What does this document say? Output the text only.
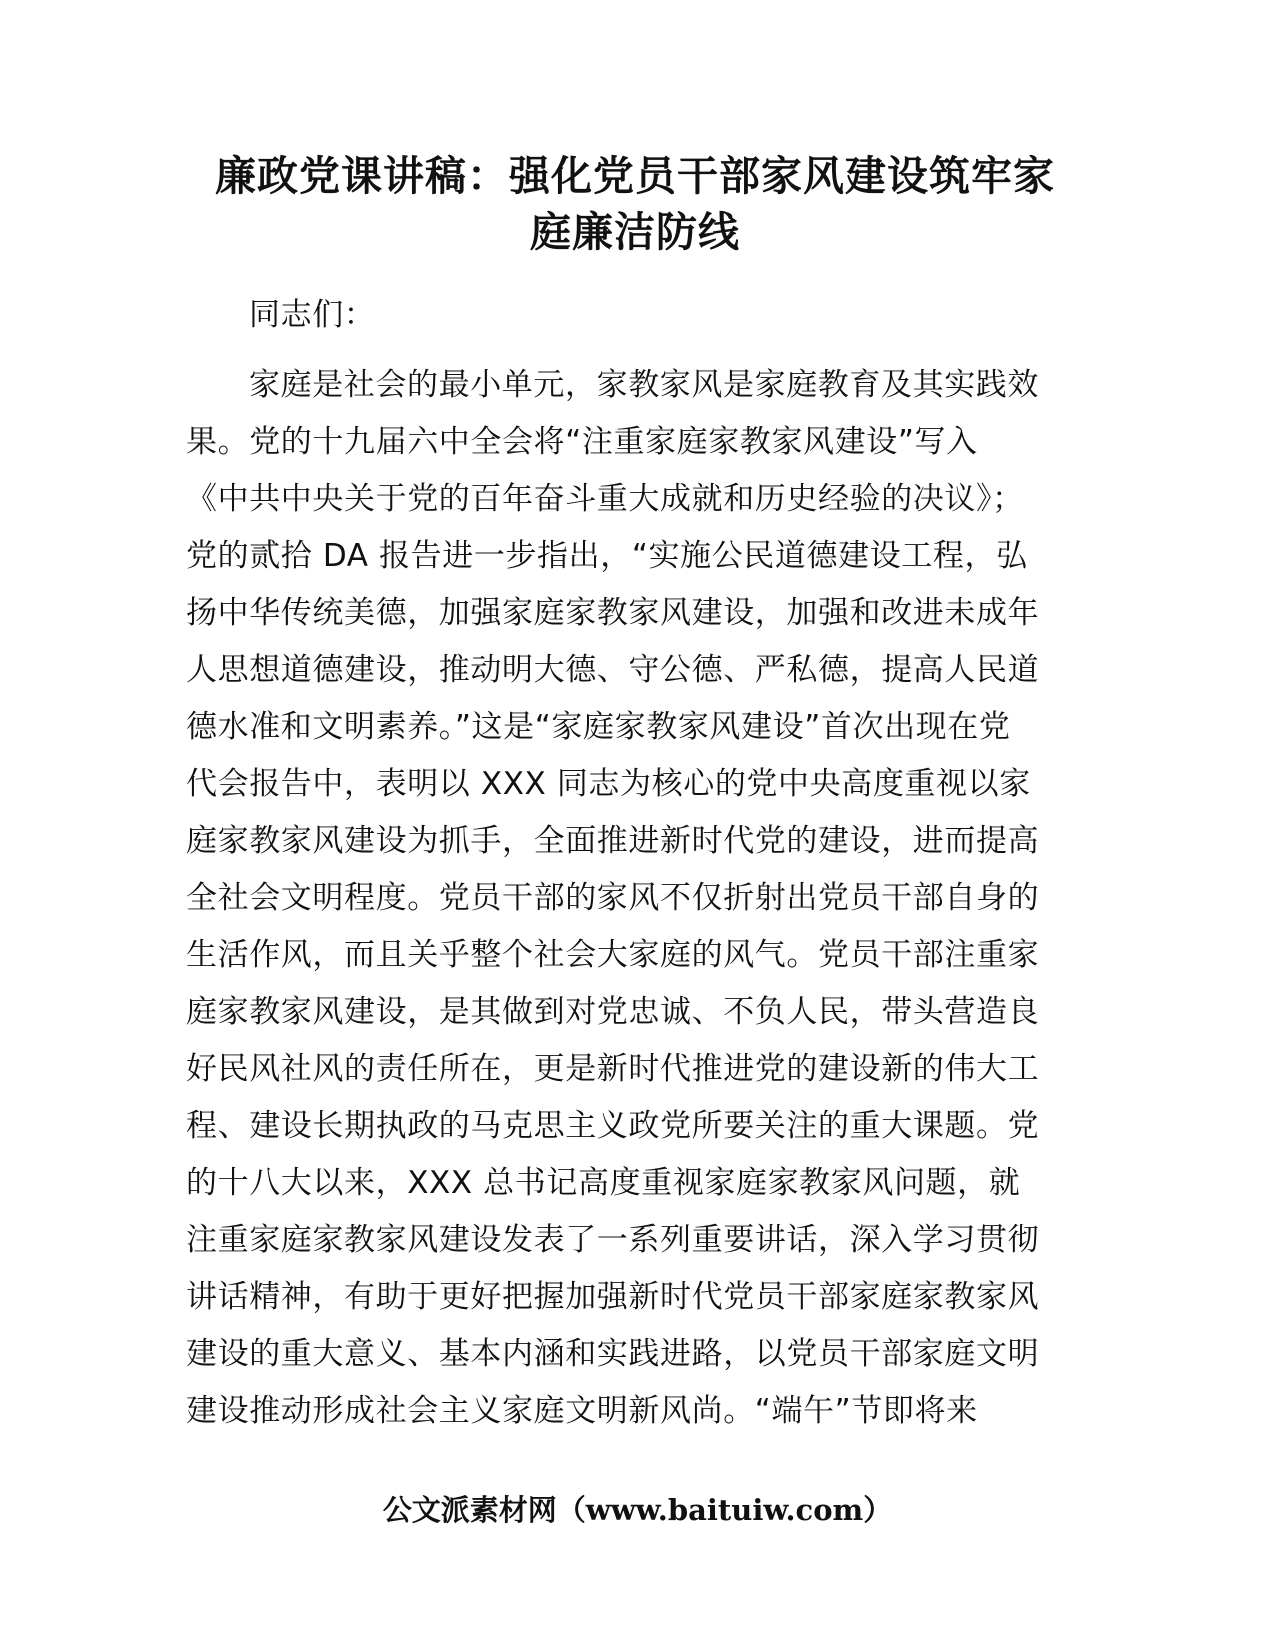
廉政党课讲稿：强化党员干部家风建设筑牢家
庭廉洁防线
同志们：
家庭是社会的最小单元，家教家风是家庭教育及其实践效
果。党的十九届六中全会将“注重家庭家教家风建设”写入
《中共中央关于党的百年奋斗重大成就和历史经验的决议》；
党的贰拾 DA 报告进一步指出，“实施公民道德建设工程，弘
扬中华传统美德，加强家庭家教家风建设，加强和改进未成年
人思想道德建设，推动明大德、守公德、严私德，提高人民道
德水准和文明素养。”这是“家庭家教家风建设”首次出现在党
代会报告中，表明以 XXX 同志为核心的党中央高度重视以家
庭家教家风建设为抓手，全面推进新时代党的建设，进而提高
全社会文明程度。党员干部的家风不仅折射出党员干部自身的
生活作风，而且关乎整个社会大家庭的风气。党员干部注重家
庭家教家风建设，是其做到对党忠诚、不负人民，带头营造良
好民风社风的责任所在，更是新时代推进党的建设新的伟大工
程、建设长期执政的马克思主义政党所要关注的重大课题。党
的十八大以来，XXX 总书记高度重视家庭家教家风问题，就
注重家庭家教家风建设发表了一系列重要讲话，深入学习贯彻
讲话精神，有助于更好把握加强新时代党员干部家庭家教家风
建设的重大意义、基本内涵和实践进路，以党员干部家庭文明
建设推动形成社会主义家庭文明新风尚。“端午”节即将来
公文派素材网（www.baituiw.com）
